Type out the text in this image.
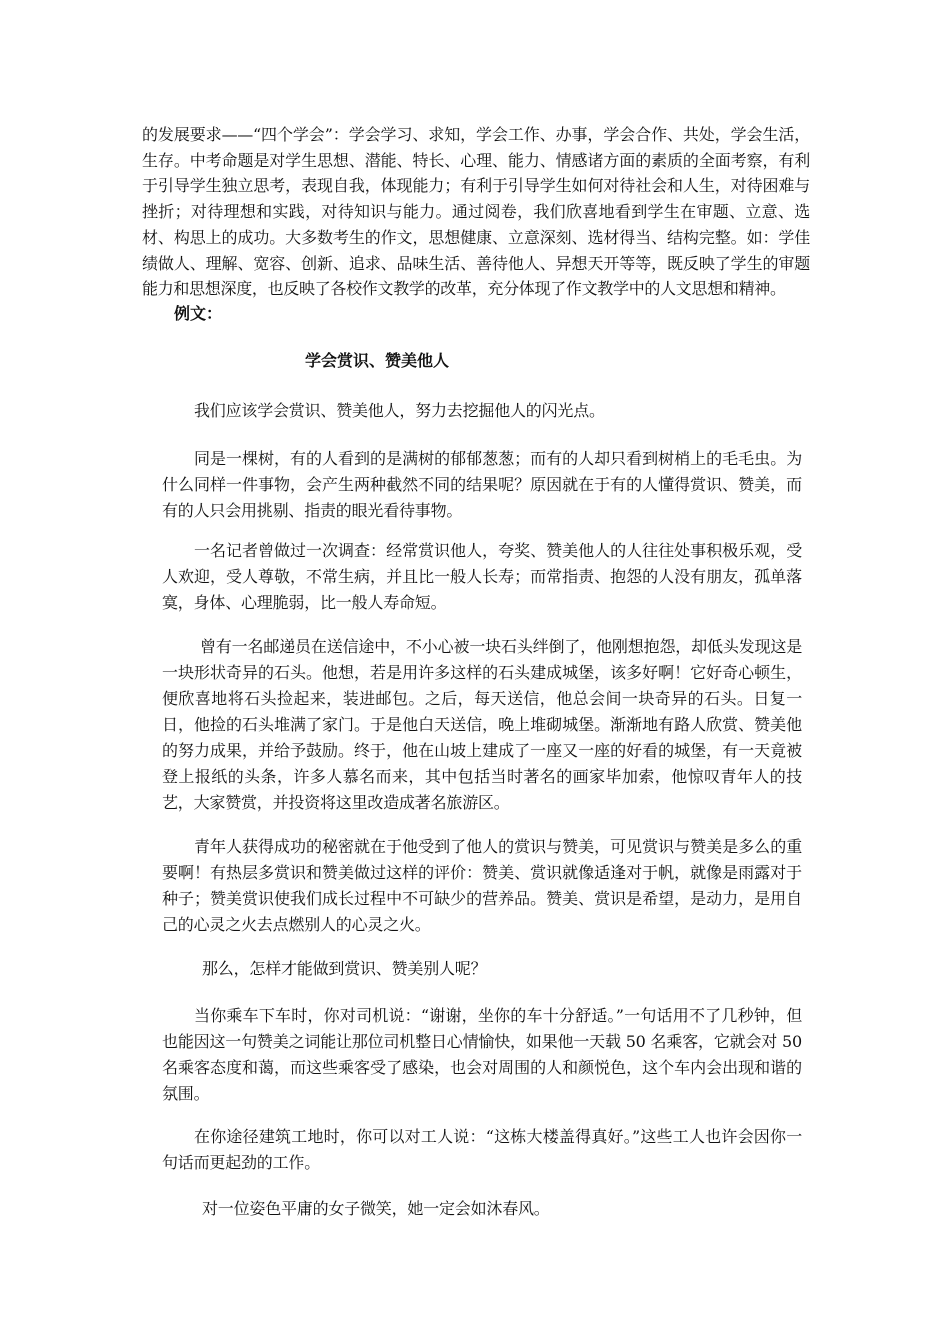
的发展要求——“四个学会”：学会学习、求知，学会工作、办事，学会合作、共处，学会生活，生存。中考命题是对学生思想、潜能、特长、心理、能力、情感诸方面的素质的全面考察，有利于引导学生独立思考，表现自我，体现能力；有利于引导学生如何对待社会和人生，对待困难与挫折；对待理想和实践，对待知识与能力。通过阅卷，我们欣喜地看到学生在审题、立意、选材、构思上的成功。大多数考生的作文，思想健康、立意深刻、选材得当、结构完整。如：学佳绩做人、理解、宽容、创新、追求、品味生活、善待他人、异想天开等等，既反映了学生的审题能力和思想深度，也反映了各校作文教学的改革，充分体现了作文教学中的人文思想和精神。
例文：
学会赏识、赞美他人
我们应该学会赏识、赞美他人，努力去挖掘他人的闪光点。
同是一棵树，有的人看到的是满树的郁郁葱葱；而有的人却只看到树梢上的毛毛虫。为什么同样一件事物，会产生两种截然不同的结果呢？原因就在于有的人懂得赏识、赞美，而有的人只会用挑剔、指责的眼光看待事物。
一名记者曾做过一次调查：经常赏识他人，夸奖、赞美他人的人往往处事积极乐观，受人欢迎，受人尊敬，不常生病，并且比一般人长寿；而常指责、抱怨的人没有朋友，孤单落寞，身体、心理脆弱，比一般人寿命短。
曾有一名邮递员在送信途中，不小心被一块石头绊倒了，他刚想抱怨，却低头发现这是一块形状奇异的石头。他想，若是用许多这样的石头建成城堡，该多好啊！它好奇心顿生，便欣喜地将石头捡起来，装进邮包。之后，每天送信，他总会间一块奇异的石头。日复一日，他捡的石头堆满了家门。于是他白天送信，晚上堆砌城堡。渐渐地有路人欣赏、赞美他的努力成果，并给予鼓励。终于，他在山坡上建成了一座又一座的好看的城堡，有一天竟被登上报纸的头条，许多人慕名而来，其中包括当时著名的画家毕加索，他惊叹青年人的技艺，大家赞赏，并投资将这里改造成著名旅游区。
青年人获得成功的秘密就在于他受到了他人的赏识与赞美，可见赏识与赞美是多么的重要啊！有热层多赏识和赞美做过这样的评价：赞美、赏识就像适逢对于帆，就像是雨露对于种子；赞美赏识使我们成长过程中不可缺少的营养品。赞美、赏识是希望，是动力，是用自己的心灵之火去点燃别人的心灵之火。
那么，怎样才能做到赏识、赞美别人呢？
当你乘车下车时，你对司机说：“谢谢，坐你的车十分舒适。”一句话用不了几秒钟，但也能因这一句赞美之词能让那位司机整日心情愉快，如果他一天载 50 名乘客，它就会对 50 名乘客态度和蔼，而这些乘客受了感染，也会对周围的人和颜悦色，这个车内会出现和谐的氛围。
在你途径建筑工地时，你可以对工人说：“这栋大楼盖得真好。”这些工人也许会因你一句话而更起劲的工作。
对一位姿色平庸的女子微笑，她一定会如沐春风。
